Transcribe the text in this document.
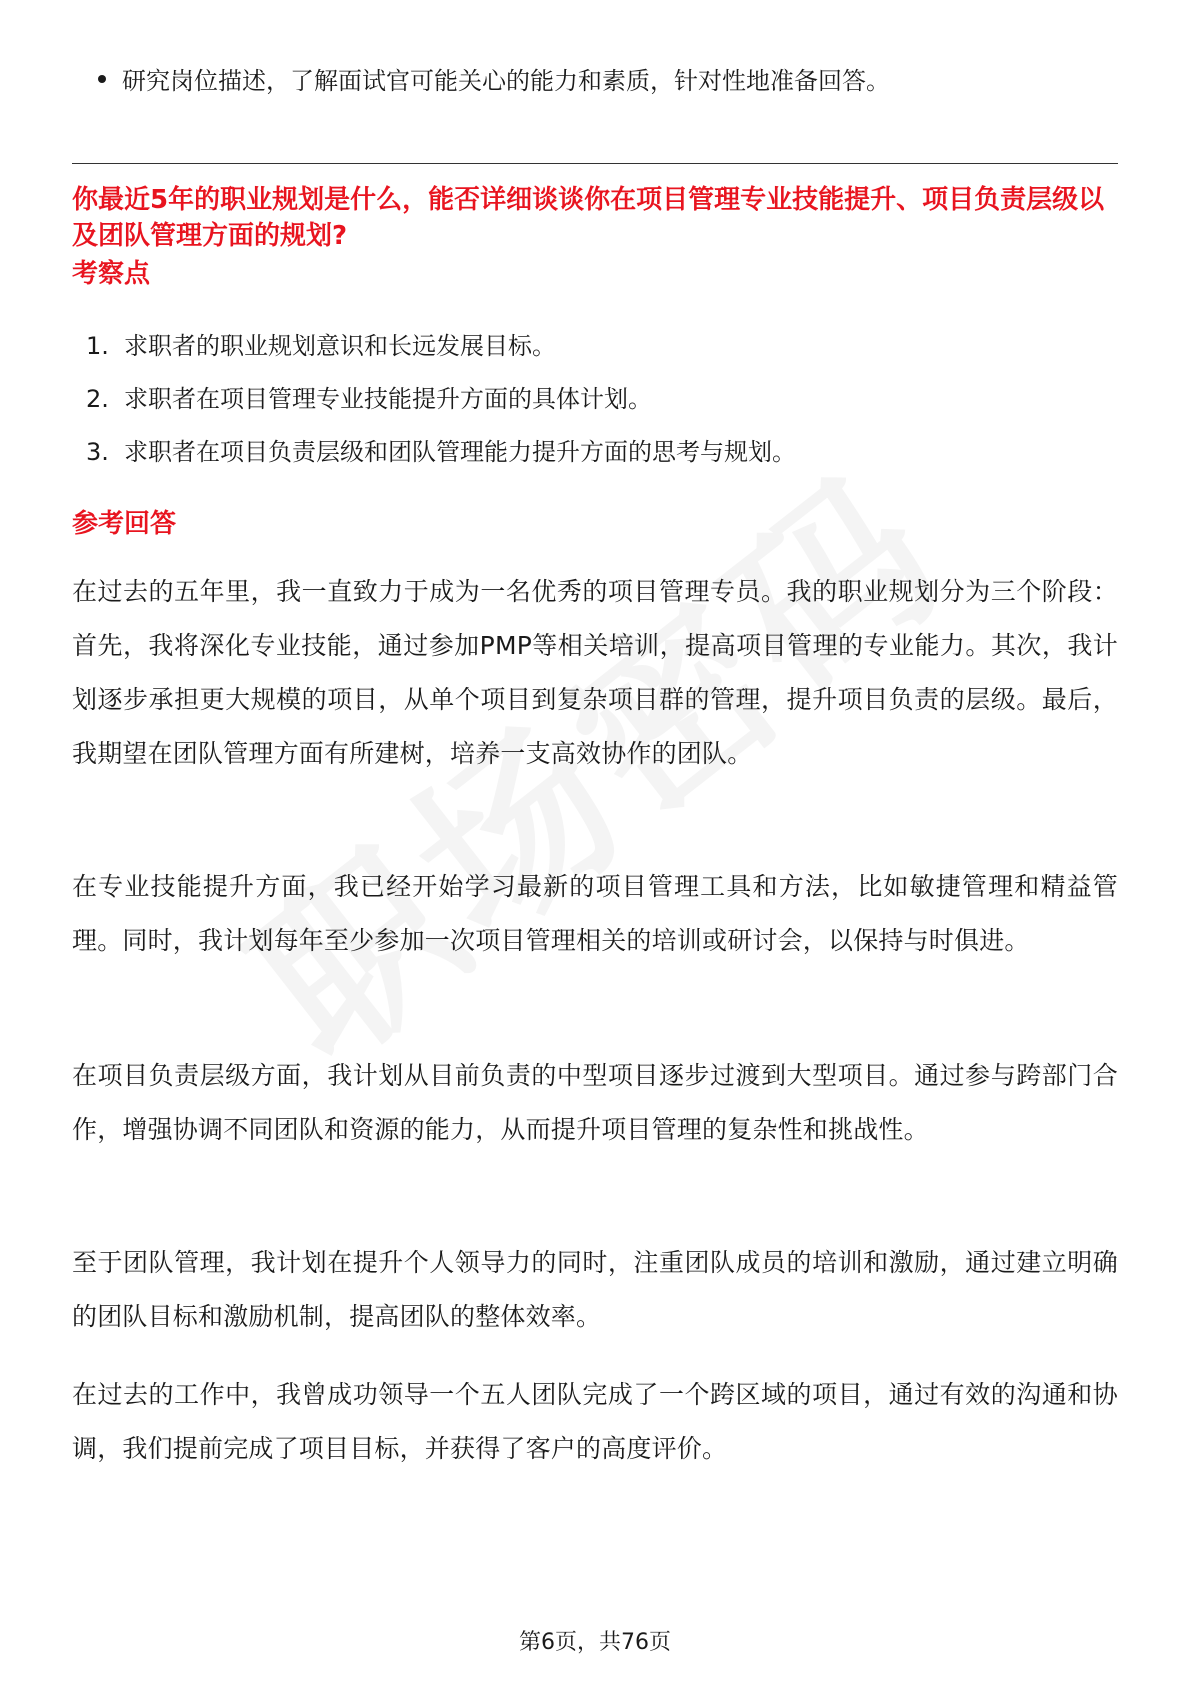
研究岗位描述，了解面试官可能关心的能力和素质，针对性地准备回答。
你最近5年的职业规划是什么，能否详细谈谈你在项目管理专业技能提升、项目负责层级以及团队管理方面的规划?
考察点
1. 求职者的职业规划意识和长远发展目标。
2. 求职者在项目管理专业技能提升方面的具体计划。
3. 求职者在项目负责层级和团队管理能力提升方面的思考与规划。
参考回答
在过去的五年里，我一直致力于成为一名优秀的项目管理专员。我的职业规划分为三个阶段：首先，我将深化专业技能，通过参加PMP等相关培训，提高项目管理的专业能力。其次，我计划逐步承担更大规模的项目，从单个项目到复杂项目群的管理，提升项目负责的层级。最后，我期望在团队管理方面有所建树，培养一支高效协作的团队。
在专业技能提升方面，我已经开始学习最新的项目管理工具和方法，比如敏捷管理和精益管理。同时，我计划每年至少参加一次项目管理相关的培训或研讨会，以保持与时俱进。
在项目负责层级方面，我计划从目前负责的中型项目逐步过渡到大型项目。通过参与跨部门合作，增强协调不同团队和资源的能力，从而提升项目管理的复杂性和挑战性。
至于团队管理，我计划在提升个人领导力的同时，注重团队成员的培训和激励，通过建立明确的团队目标和激励机制，提高团队的整体效率。
在过去的工作中，我曾成功领导一个五人团队完成了一个跨区域的项目，通过有效的沟通和协调，我们提前完成了项目目标，并获得了客户的高度评价。
第6页，共76页
